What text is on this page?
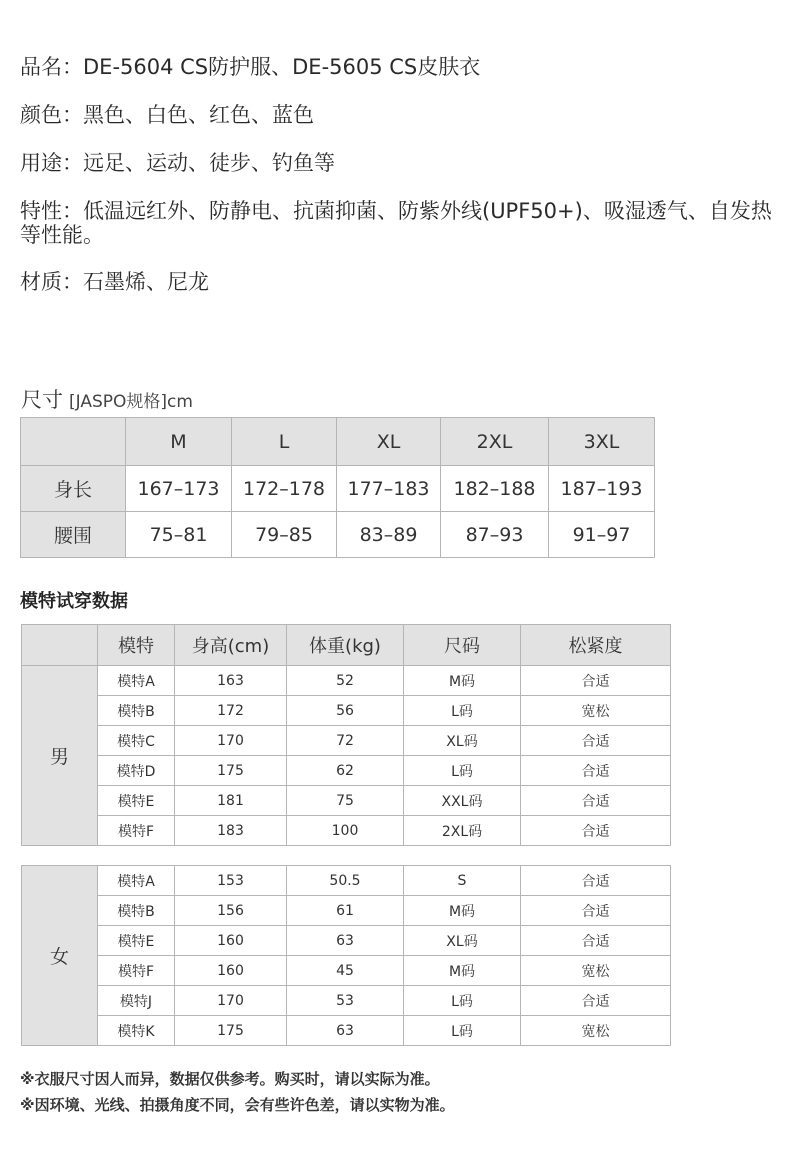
品名：DE-5604 CS防护服、DE-5605 CS皮肤衣
颜色：黑色、白色、红色、蓝色
用途：远足、运动、徒步、钓鱼等
特性：低温远红外、防静电、抗菌抑菌、防紫外线(UPF50+)、吸湿透气、自发热等性能。
材质：石墨烯、尼龙
尺寸 [JASPO规格]cm
	M	L	XL	2XL	3XL
身长	167–173	172–178	177–183	182–188	187–193
腰围	75–81	79–85	83–89	87–93	91–97
模特试穿数据
	模特	身高(cm)	体重(kg)	尺码	松紧度
男	模特A	163	52	M码	合适
	模特B	172	56	L码	宽松
	模特C	170	72	XL码	合适
	模特D	175	62	L码	合适
	模特E	181	75	XXL码	合适
	模特F	183	100	2XL码	合适
女	模特A	153	50.5	S	合适
	模特B	156	61	M码	合适
	模特E	160	63	XL码	合适
	模特F	160	45	M码	宽松
	模特J	170	53	L码	合适
	模特K	175	63	L码	宽松
※衣服尺寸因人而异，数据仅供参考。购买时，请以实际为准。
※因环境、光线、拍摄角度不同，会有些许色差，请以实物为准。
